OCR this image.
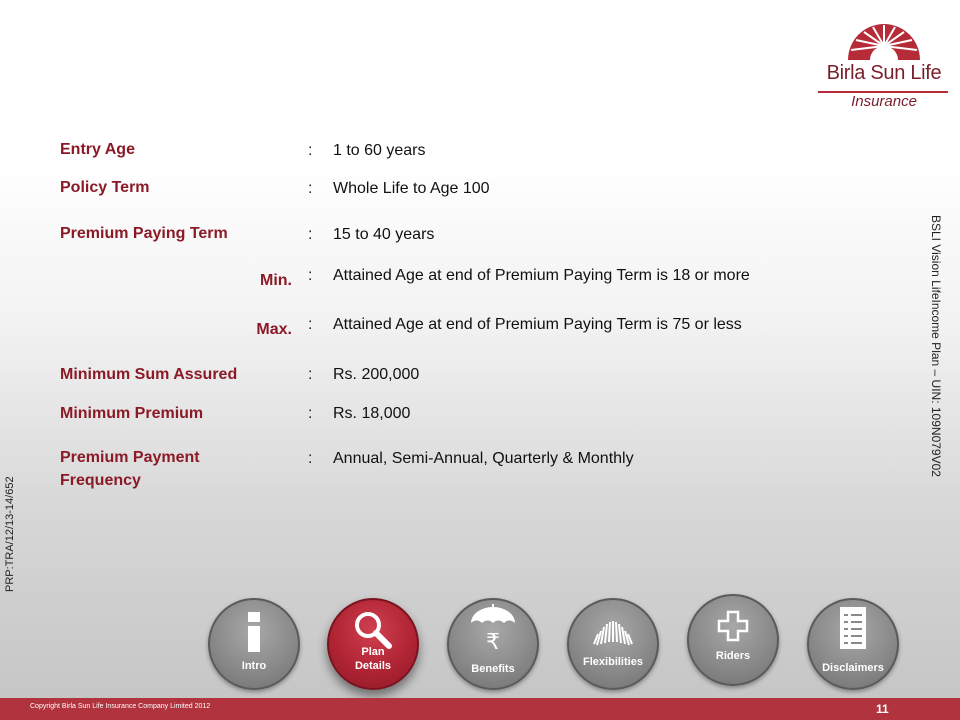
Birla Sun Life
Insurance
Entry Age	: 1 to 60 years
Policy Term	: Whole Life to Age 100
Premium Paying Term	: 15 to 40 years
Min. : Attained Age at end of Premium Paying Term is 18 or more
Max. : Attained Age at end of Premium Paying Term is 75 or less
Minimum Sum Assured	: Rs. 200,000
Minimum Premium	: Rs. 18,000
Premium Payment
Frequency
: Annual, Semi-Annual, Quarterly & Monthly	BSLI Vision LifeIncome Plan – UIN: 109N079V02
PRP:TRA/12/13-14/652
Intro
Plan
Details
₹
Benefits
Flexibilities	Riders
Disclaimers
Copyright Birla Sun Life Insurance Company Limited 2012	11
